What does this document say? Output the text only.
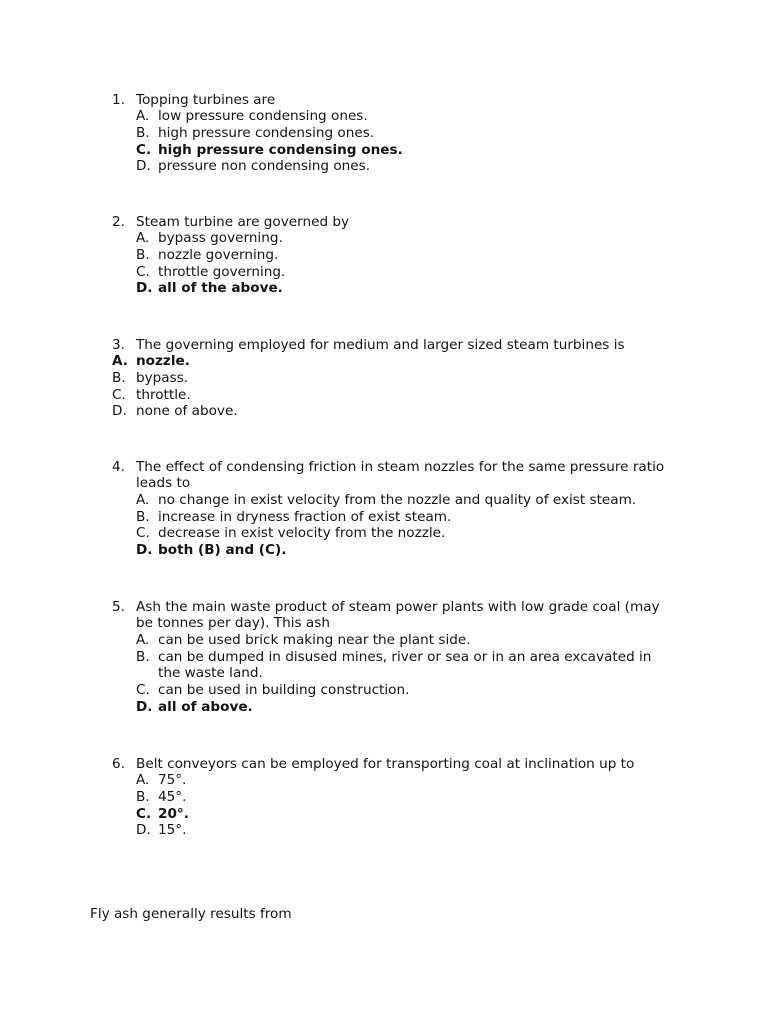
1. Topping turbines are
A. low pressure condensing ones.
B. high pressure condensing ones.
C. high pressure condensing ones.
D. pressure non condensing ones.
2. Steam turbine are governed by
A. bypass governing.
B. nozzle governing.
C. throttle governing.
D. all of the above.
3. The governing employed for medium and larger sized steam turbines is
A. nozzle.
B. bypass.
C. throttle.
D. none of above.
4. The effect of condensing friction in steam nozzles for the same pressure ratio
leads to
A. no change in exist velocity from the nozzle and quality of exist steam.
B. increase in dryness fraction of exist steam.
C. decrease in exist velocity from the nozzle.
D. both (B) and (C).
5. Ash the main waste product of steam power plants with low grade coal (may
be tonnes per day). This ash
A. can be used brick making near the plant side.
B. can be dumped in disused mines, river or sea or in an area excavated in
the waste land.
C. can be used in building construction.
D. all of above.
6. Belt conveyors can be employed for transporting coal at inclination up to
A. 75°.
B. 45°.
C. 20°.
D. 15°.
Fly ash generally results from
